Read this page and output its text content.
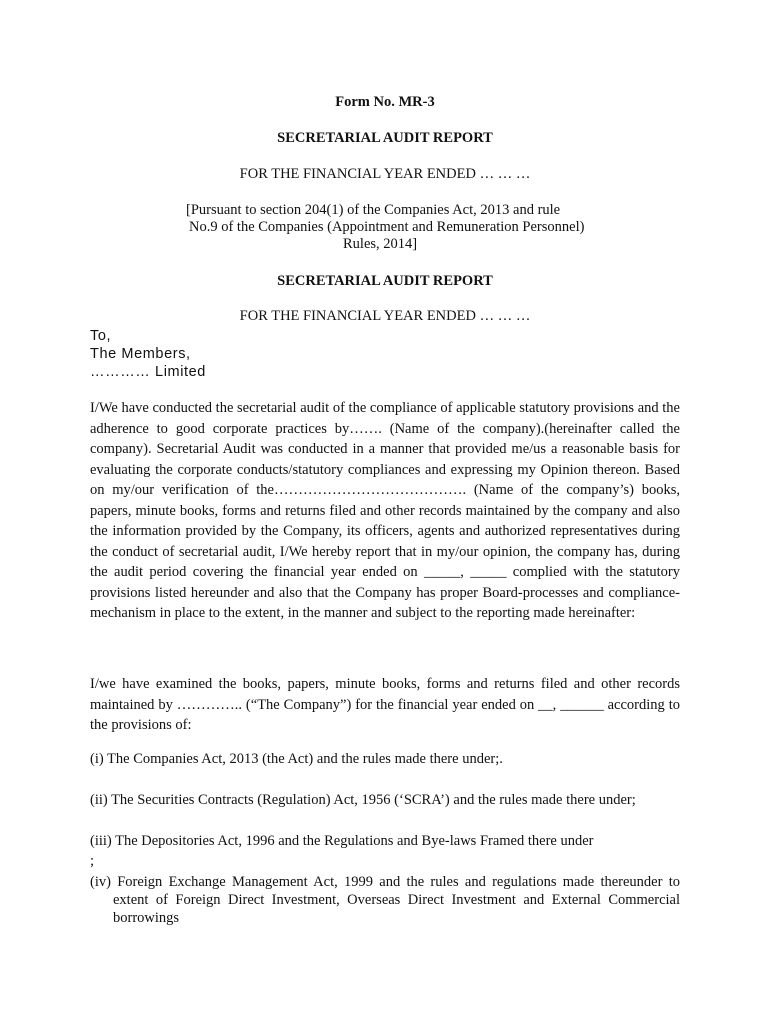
Form No. MR-3
SECRETARIAL AUDIT REPORT
FOR THE FINANCIAL YEAR ENDED … … …
[Pursuant to section 204(1) of the Companies Act, 2013 and rule
No.9 of the Companies (Appointment and Remuneration Personnel)
Rules, 2014]
SECRETARIAL AUDIT REPORT
FOR THE FINANCIAL YEAR ENDED … … …
To,
The Members,
………… Limited
I/We have conducted the secretarial audit of the compliance of applicable statutory provisions and the adherence to good corporate practices by……. (Name of the company).(hereinafter called the company). Secretarial Audit was conducted in a manner that provided me/us a reasonable basis for evaluating the corporate conducts/statutory compliances and expressing my Opinion thereon. Based on my/our verification of the…………………………………. (Name of the company’s) books, papers, minute books, forms and returns filed and other records maintained by the company and also the information provided by the Company, its officers, agents and authorized representatives during the conduct of secretarial audit, I/We hereby report that in my/our opinion, the company has, during the audit period covering the financial year ended on _____, _____ complied with the statutory provisions listed hereunder and also that the Company has proper Board-processes and compliance-mechanism in place to the extent, in the manner and subject to the reporting made hereinafter:
I/we have examined the books, papers, minute books, forms and returns filed and other records maintained by ………….. (“The Company”) for the financial year ended on __, ______ according to the provisions of:
(i) The Companies Act, 2013 (the Act) and the rules made there under;.
(ii) The Securities Contracts (Regulation) Act, 1956 (‘SCRA’) and the rules made there under;
(iii) The Depositories Act, 1996 and the Regulations and Bye-laws Framed there under
;
(iv) Foreign Exchange Management Act, 1999 and the rules and regulations made thereunder to extent of Foreign Direct Investment, Overseas Direct Investment and External Commercial borrowings
